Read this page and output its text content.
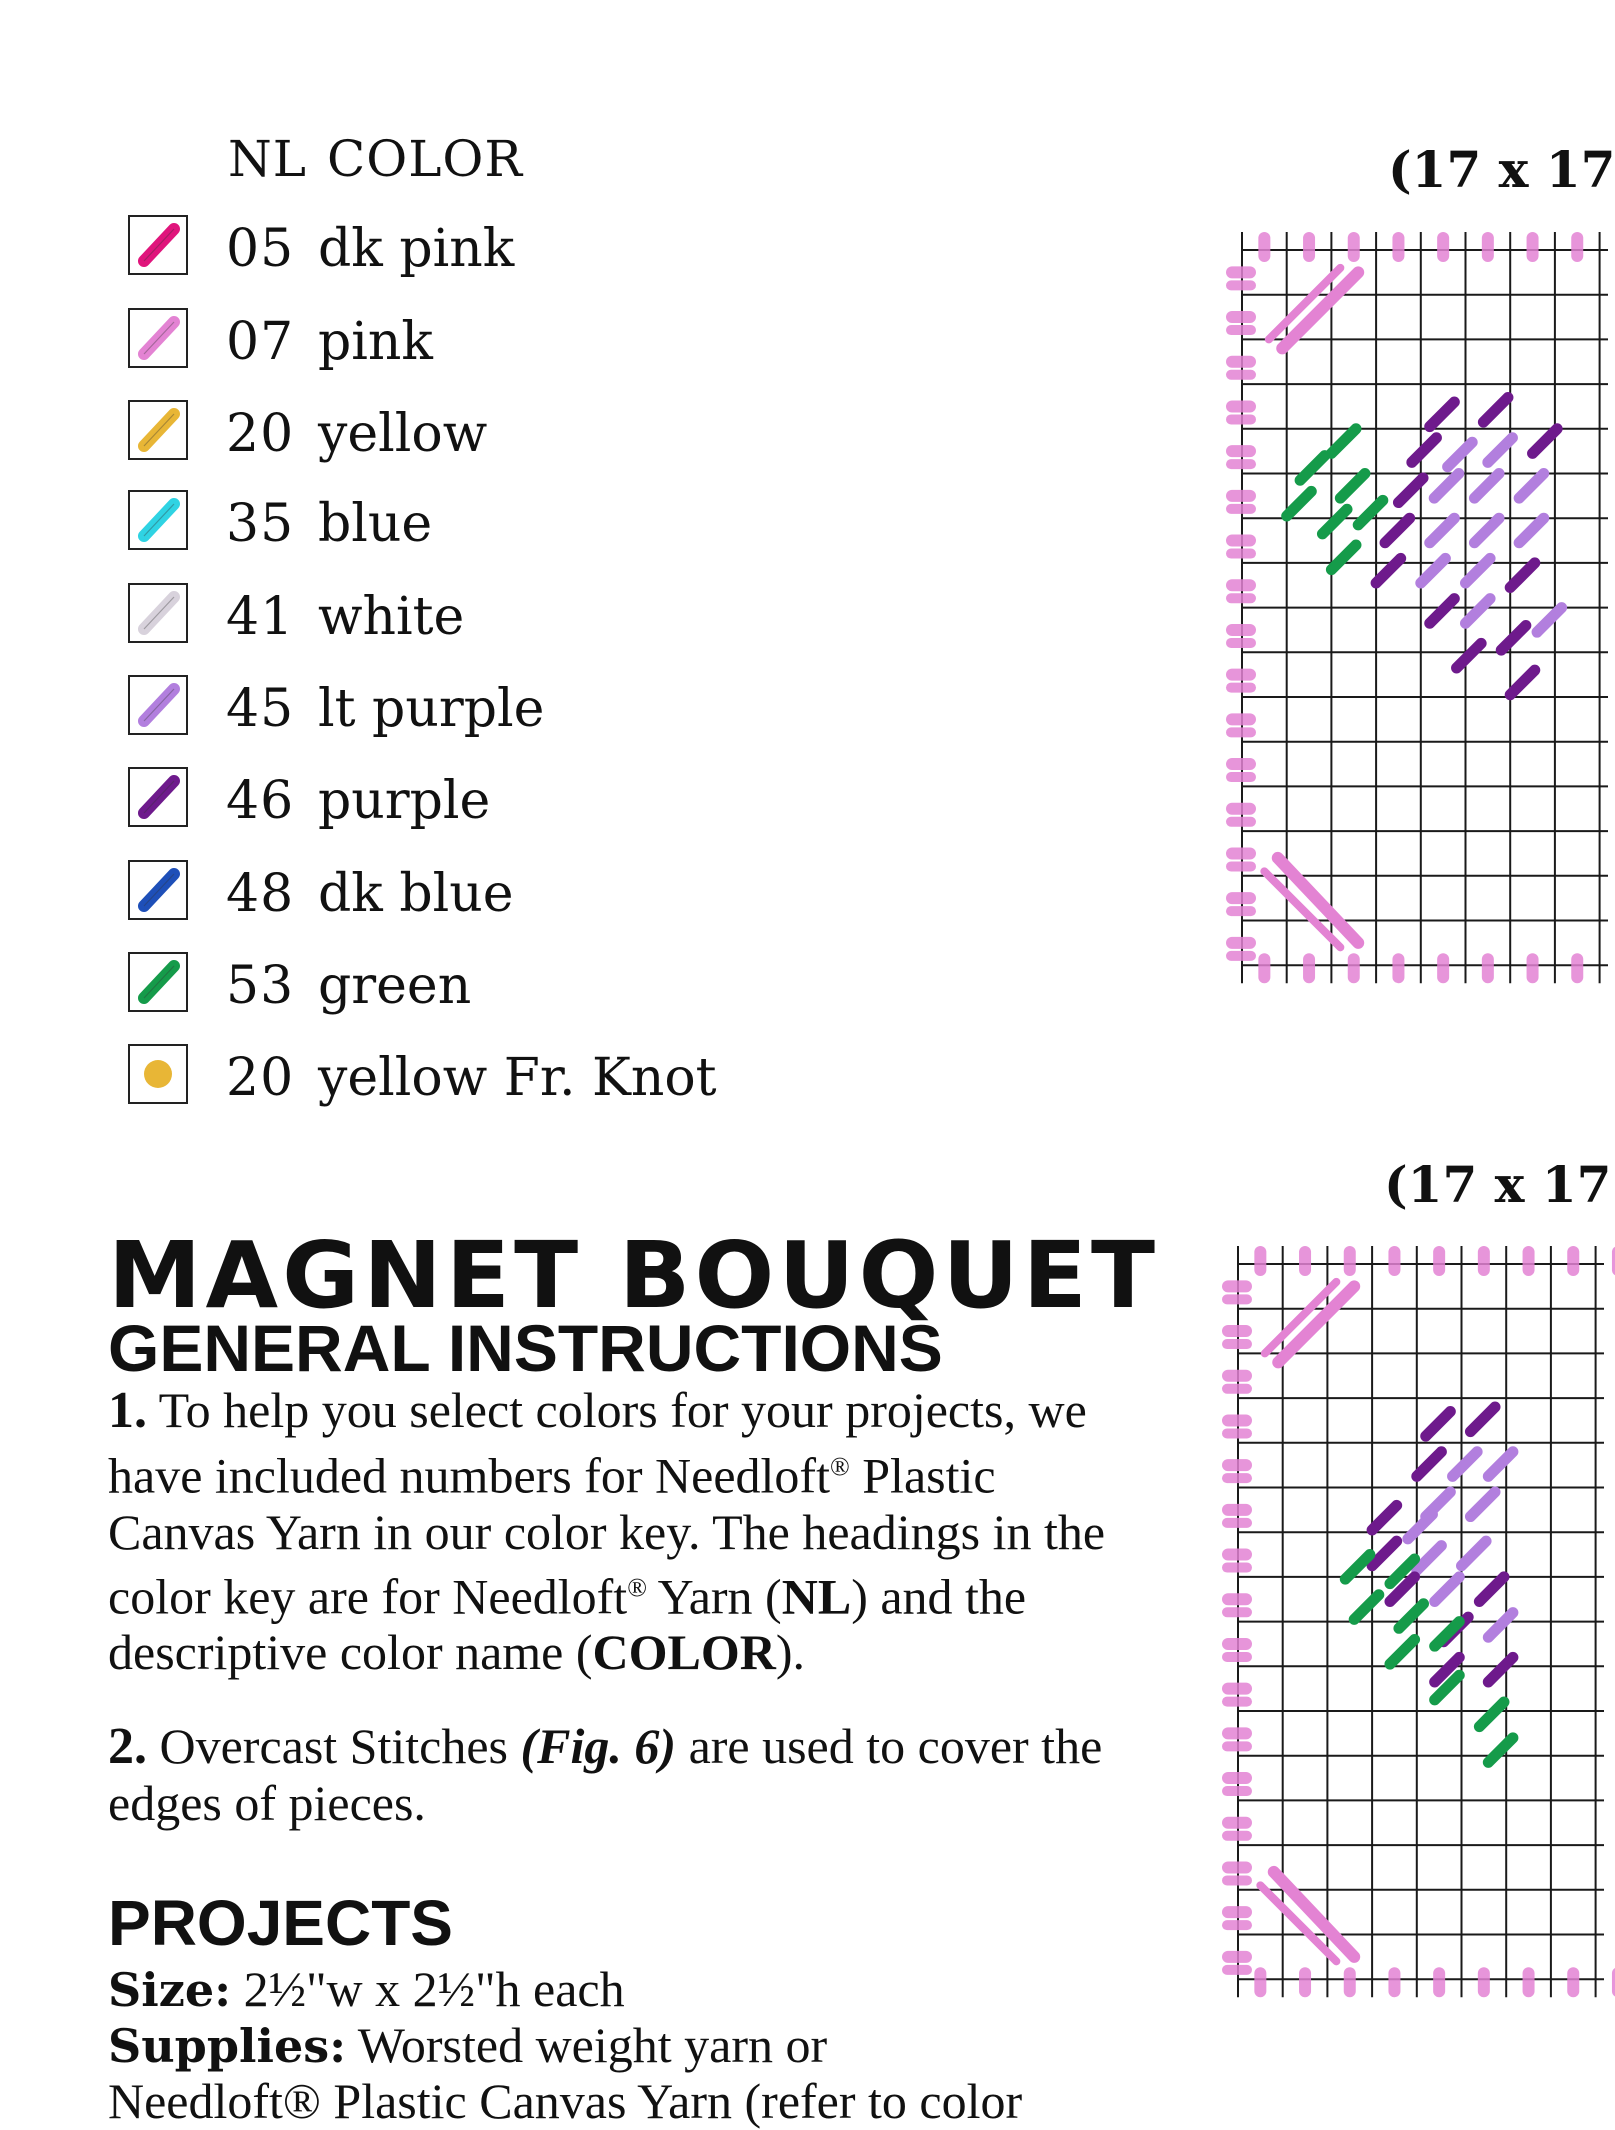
NL COLOR
05 dk pink
07 pink
20 yellow
35 blue
41 white
45 lt purple
46 purple
48 dk blue
53 green
20 yellow Fr. Knot
(17 x 17
(17 x 17
MAGNET BOUQUET
GENERAL INSTRUCTIONS
1. To help you select colors for your projects, we have included numbers for Needloft® Plastic Canvas Yarn in our color key. The headings in the color key are for Needloft® Yarn (NL) and the descriptive color name (COLOR).
2. Overcast Stitches (Fig. 6) are used to cover the edges of pieces.
PROJECTS
Size: 2½"w x 2½"h each
Supplies: Worsted weight yarn or
Needloft® Plastic Canvas Yarn (refer to color
